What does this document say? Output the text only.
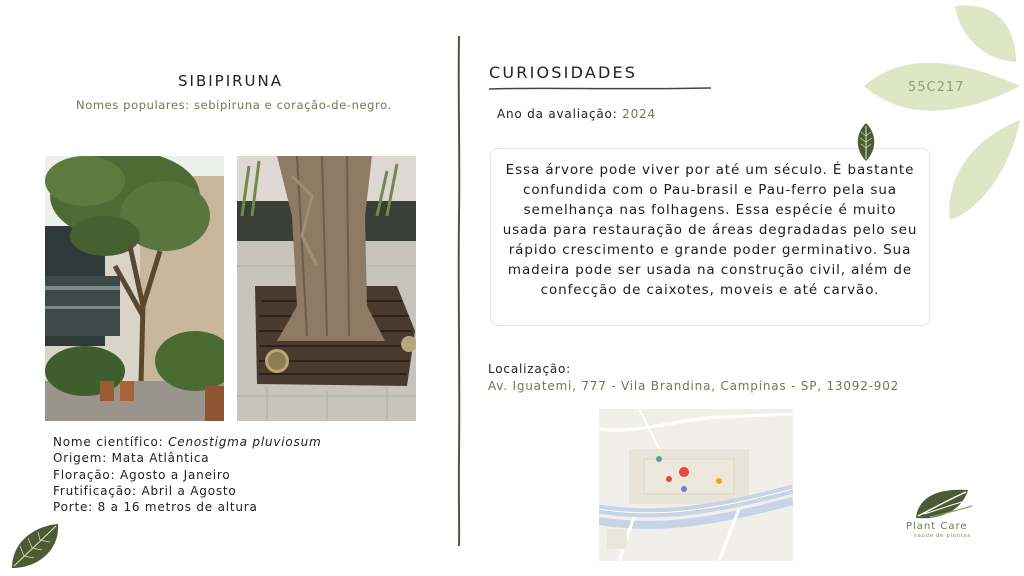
SIBIPIRUNA
Nomes populares: sebipiruna e coração-de-negro.
Nome científico: Cenostigma pluviosum
Origem: Mata Atlântica
Floração: Agosto a Janeiro
Frutificação: Abril a Agosto
Porte: 8 a 16 metros de altura
CURIOSIDADES
Ano da avaliação: 2024
Essa árvore pode viver por até um século. É bastante confundida com o Pau-brasil e Pau-ferro pela sua semelhança nas folhagens. Essa espécie é muito usada para restauração de áreas degradadas pelo seu rápido crescimento e grande poder germinativo. Sua madeira pode ser usada na construção civil, além de confecção de caixotes, moveis e até carvão.
Localização:
Av. Iguatemi, 777 - Vila Brandina, Campinas - SP, 13092-902
55C217
Plant Care
saúde de plantas
